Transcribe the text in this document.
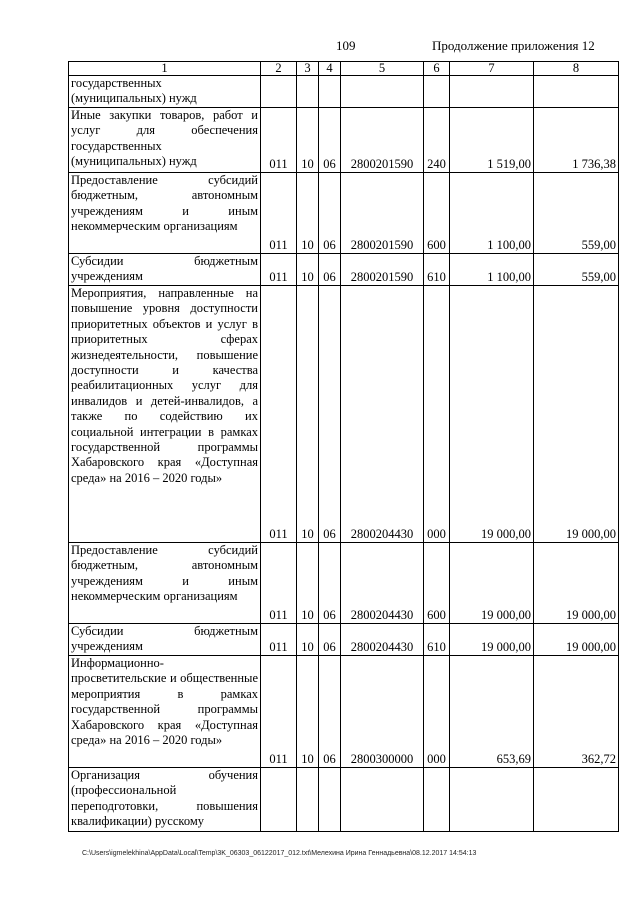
109	Продолжение приложения 12
1	2	3	4	5	6	7	8
государственных (муниципальных) нужд							
Иные закупки товаров, работ и услуг для обеспечения государственных (муниципальных) нужд	011	10	06	2800201590	240	1 519,00	1 736,38
Предоставление субсидий бюджетным, автономным учреждениям и иным некоммерческим организациям	011	10	06	2800201590	600	1 100,00	559,00
Субсидии бюджетным учреждениям	011	10	06	2800201590	610	1 100,00	559,00
Мероприятия, направленные на повышение уровня доступности приоритетных объектов и услуг в приоритетных сферах жизнедеятельности, повышение доступности и качества реабилитационных услуг для инвалидов и детей-инвалидов, а также по содействию их социальной интеграции в рамках государственной программы Хабаровского края «Доступная среда» на 2016 – 2020 годы»	011	10	06	2800204430	000	19 000,00	19 000,00
Предоставление субсидий бюджетным, автономным учреждениям и иным некоммерческим организациям	011	10	06	2800204430	600	19 000,00	19 000,00
Субсидии бюджетным учреждениям	011	10	06	2800204430	610	19 000,00	19 000,00
Информационно-просветительские и общественные мероприятия в рамках государственной программы Хабаровского края «Доступная среда» на 2016 – 2020 годы»	011	10	06	2800300000	000	653,69	362,72
Организация обучения (профессиональной переподготовки, повышения квалификации) русскому							
C:\Users\igmelekhina\AppData\Local\Temp\3K_06303_06122017_012.txt\Мелехина Ирина Геннадьевна\08.12.2017 14:54:13
